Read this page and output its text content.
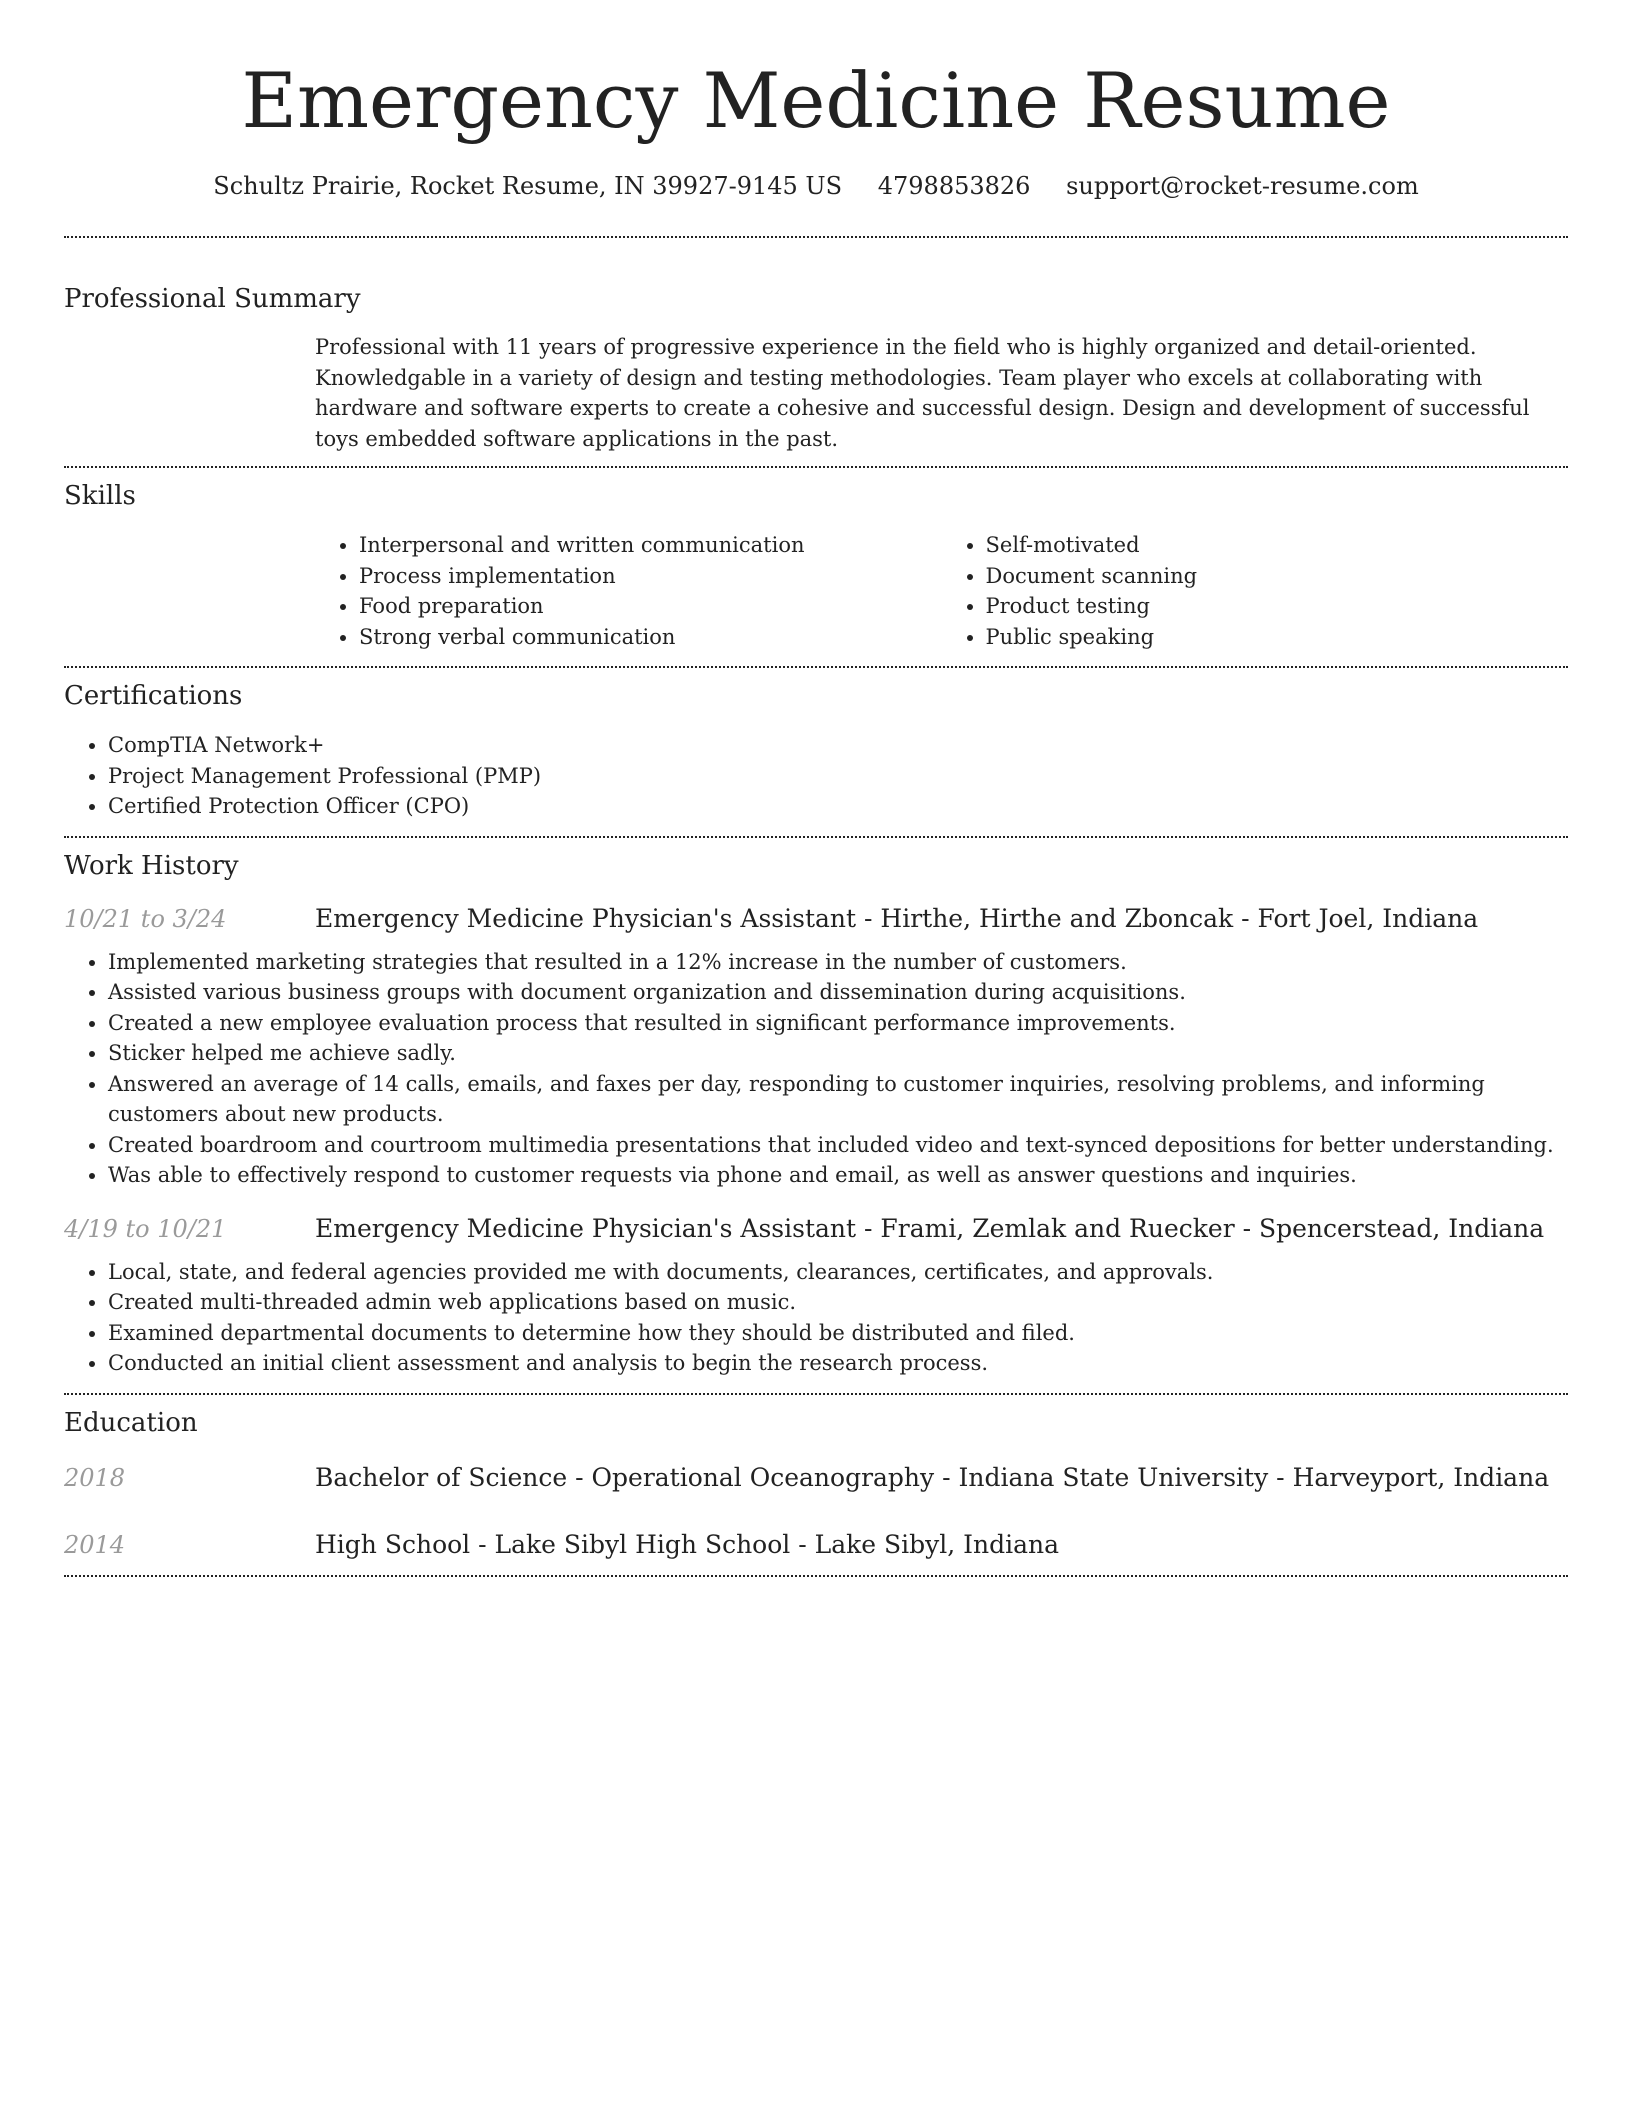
Emergency Medicine Resume
Schultz Prairie, Rocket Resume, IN 39927-9145 US 4798853826 support@rocket-resume.com
Professional Summary
Professional with 11 years of progressive experience in the field who is highly organized and detail-oriented. Knowledgable in a variety of design and testing methodologies. Team player who excels at collaborating with hardware and software experts to create a cohesive and successful design. Design and development of successful toys embedded software applications in the past.
Skills
• Interpersonal and written communication
• Process implementation
• Food preparation
• Strong verbal communication
• Self-motivated
• Document scanning
• Product testing
• Public speaking
Certifications
• CompTIA Network+
• Project Management Professional (PMP)
• Certified Protection Officer (CPO)
Work History
10/21 to 3/24	Emergency Medicine Physician's Assistant - Hirthe, Hirthe and Zboncak - Fort Joel, Indiana
• Implemented marketing strategies that resulted in a 12% increase in the number of customers.
• Assisted various business groups with document organization and dissemination during acquisitions.
• Created a new employee evaluation process that resulted in significant performance improvements.
• Sticker helped me achieve sadly.
• Answered an average of 14 calls, emails, and faxes per day, responding to customer inquiries, resolving problems, and informing customers about new products.
• Created boardroom and courtroom multimedia presentations that included video and text-synced depositions for better understanding.
• Was able to effectively respond to customer requests via phone and email, as well as answer questions and inquiries.
4/19 to 10/21	Emergency Medicine Physician's Assistant - Frami, Zemlak and Ruecker - Spencerstead, Indiana
• Local, state, and federal agencies provided me with documents, clearances, certificates, and approvals.
• Created multi-threaded admin web applications based on music.
• Examined departmental documents to determine how they should be distributed and filed.
• Conducted an initial client assessment and analysis to begin the research process.
Education
2018	Bachelor of Science - Operational Oceanography - Indiana State University - Harveyport, Indiana
2014	High School - Lake Sibyl High School - Lake Sibyl, Indiana
